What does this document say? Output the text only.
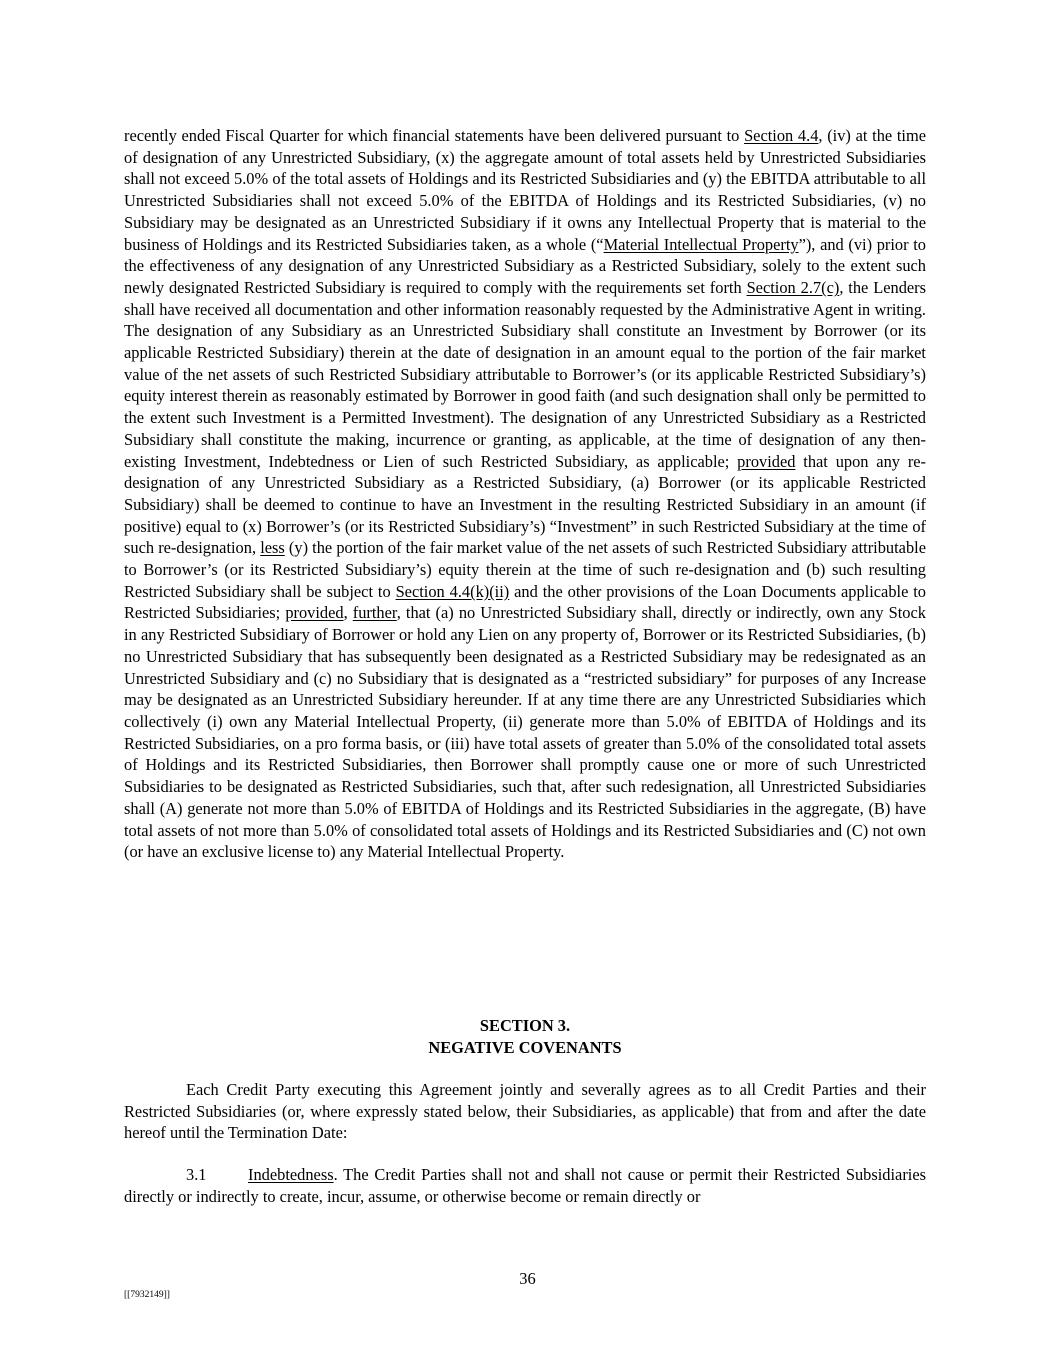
recently ended Fiscal Quarter for which financial statements have been delivered pursuant to Section 4.4, (iv) at the time of designation of any Unrestricted Subsidiary, (x) the aggregate amount of total assets held by Unrestricted Subsidiaries shall not exceed 5.0% of the total assets of Holdings and its Restricted Subsidiaries and (y) the EBITDA attributable to all Unrestricted Subsidiaries shall not exceed 5.0% of the EBITDA of Holdings and its Restricted Subsidiaries, (v) no Subsidiary may be designated as an Unrestricted Subsidiary if it owns any Intellectual Property that is material to the business of Holdings and its Restricted Subsidiaries taken, as a whole (“Material Intellectual Property”), and (vi) prior to the effectiveness of any designation of any Unrestricted Subsidiary as a Restricted Subsidiary, solely to the extent such newly designated Restricted Subsidiary is required to comply with the requirements set forth Section 2.7(c), the Lenders shall have received all documentation and other information reasonably requested by the Administrative Agent in writing. The designation of any Subsidiary as an Unrestricted Subsidiary shall constitute an Investment by Borrower (or its applicable Restricted Subsidiary) therein at the date of designation in an amount equal to the portion of the fair market value of the net assets of such Restricted Subsidiary attributable to Borrower’s (or its applicable Restricted Subsidiary’s) equity interest therein as reasonably estimated by Borrower in good faith (and such designation shall only be permitted to the extent such Investment is a Permitted Investment). The designation of any Unrestricted Subsidiary as a Restricted Subsidiary shall constitute the making, incurrence or granting, as applicable, at the time of designation of any then-existing Investment, Indebtedness or Lien of such Restricted Subsidiary, as applicable; provided that upon any re-designation of any Unrestricted Subsidiary as a Restricted Subsidiary, (a) Borrower (or its applicable Restricted Subsidiary) shall be deemed to continue to have an Investment in the resulting Restricted Subsidiary in an amount (if positive) equal to (x) Borrower’s (or its Restricted Subsidiary’s) “Investment” in such Restricted Subsidiary at the time of such re-designation, less (y) the portion of the fair market value of the net assets of such Restricted Subsidiary attributable to Borrower’s (or its Restricted Subsidiary’s) equity therein at the time of such re-designation and (b) such resulting Restricted Subsidiary shall be subject to Section 4.4(k)(ii) and the other provisions of the Loan Documents applicable to Restricted Subsidiaries; provided, further, that (a) no Unrestricted Subsidiary shall, directly or indirectly, own any Stock in any Restricted Subsidiary of Borrower or hold any Lien on any property of, Borrower or its Restricted Subsidiaries, (b) no Unrestricted Subsidiary that has subsequently been designated as a Restricted Subsidiary may be redesignated as an Unrestricted Subsidiary and (c) no Subsidiary that is designated as a “restricted subsidiary” for purposes of any Increase may be designated as an Unrestricted Subsidiary hereunder. If at any time there are any Unrestricted Subsidiaries which collectively (i) own any Material Intellectual Property, (ii) generate more than 5.0% of EBITDA of Holdings and its Restricted Subsidiaries, on a pro forma basis, or (iii) have total assets of greater than 5.0% of the consolidated total assets of Holdings and its Restricted Subsidiaries, then Borrower shall promptly cause one or more of such Unrestricted Subsidiaries to be designated as Restricted Subsidiaries, such that, after such redesignation, all Unrestricted Subsidiaries shall (A) generate not more than 5.0% of EBITDA of Holdings and its Restricted Subsidiaries in the aggregate, (B) have total assets of not more than 5.0% of consolidated total assets of Holdings and its Restricted Subsidiaries and (C) not own (or have an exclusive license to) any Material Intellectual Property.

SECTION 3.

NEGATIVE COVENANTS

Each Credit Party executing this Agreement jointly and severally agrees as to all Credit Parties and their Restricted Subsidiaries (or, where expressly stated below, their Subsidiaries, as applicable) that from and after the date hereof until the Termination Date:

3.1	Indebtedness. The Credit Parties shall not and shall not cause or permit their Restricted Subsidiaries directly or indirectly to create, incur, assume, or otherwise become or remain directly or

36

[[7932149]]
